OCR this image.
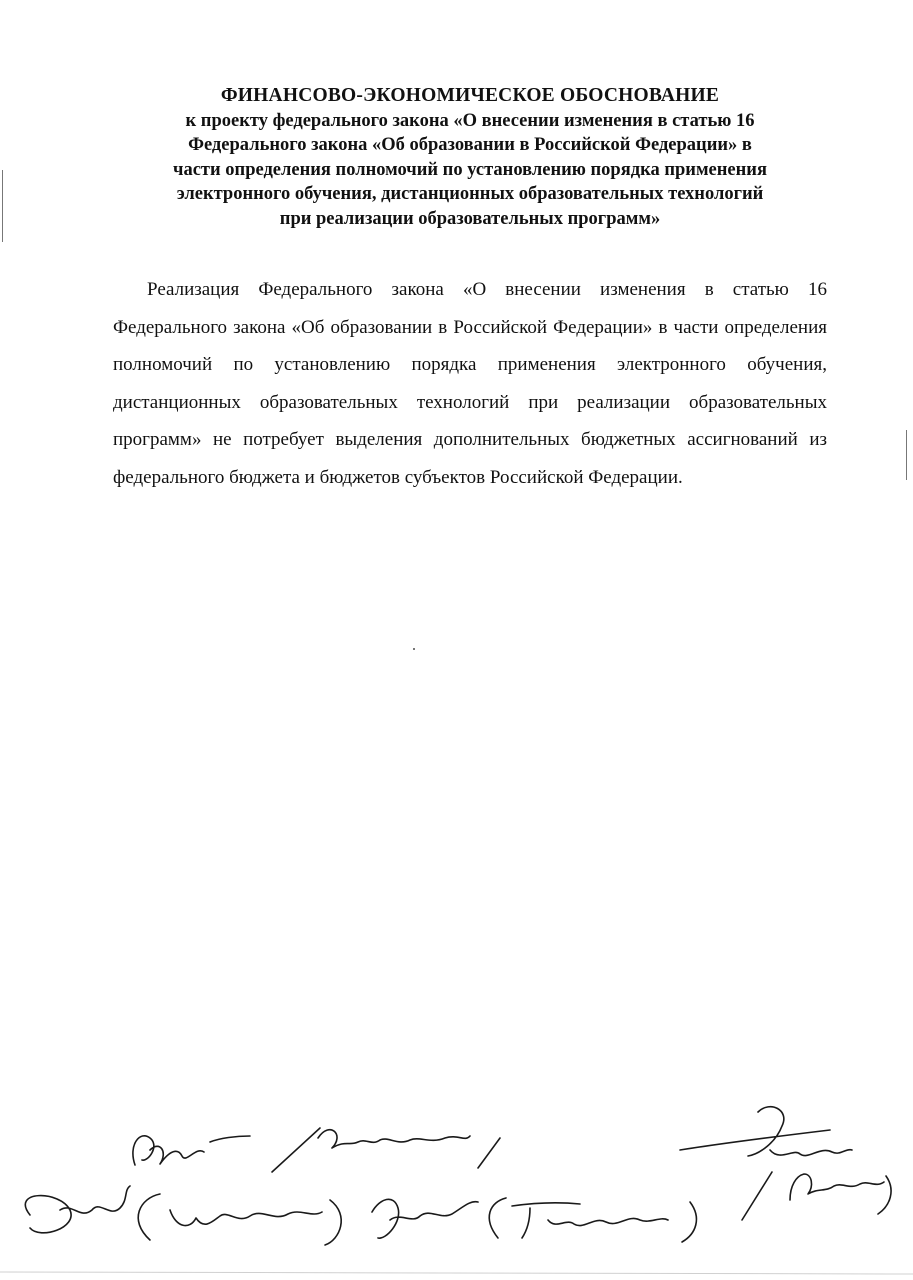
ФИНАНСОВО-ЭКОНОМИЧЕСКОЕ ОБОСНОВАНИЕ
к проекту федерального закона «О внесении изменения в статью 16
Федерального закона «Об образовании в Российской Федерации» в
части определения полномочий по установлению порядка применения
электронного обучения, дистанционных образовательных технологий
при реализации образовательных программ»

Реализация Федерального закона «О внесении изменения в статью 16 Федерального закона «Об образовании в Российской Федерации» в части определения полномочий по установлению порядка применения электронного обучения, дистанционных образовательных технологий при реализации образовательных программ» не потребует выделения дополнительных бюджетных ассигнований из федерального бюджета и бюджетов субъектов Российской Федерации.
